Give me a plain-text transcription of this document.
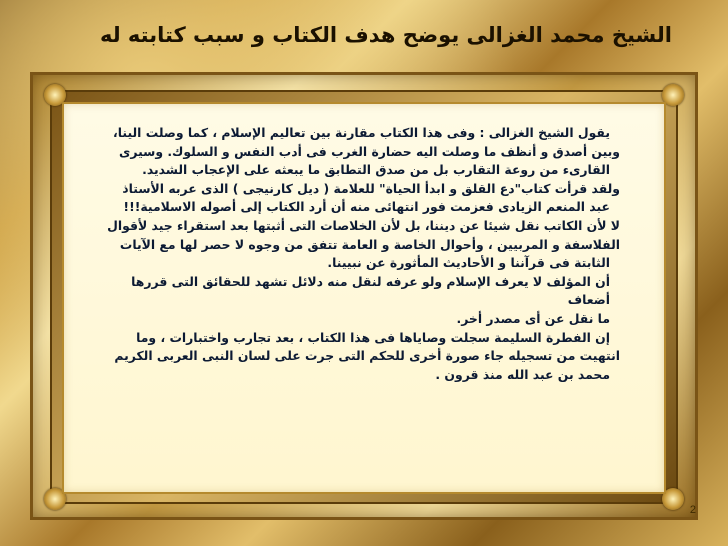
الشيخ محمد الغزالى يوضح هدف الكتاب و سبب كتابته له

يقول الشيخ الغزالى : وفى هذا الكتاب مقارنة بين تعاليم الإسلام ، كما وصلت الينا،

وبين أصدق و أنظف ما وصلت اليه حضارة الغرب فى أدب النفس و السلوك. وسيرى

القارىء من روعة التقارب بل من صدق التطابق ما يبعثه على الإعجاب الشديد.

ولقد قرأت كتاب"دع القلق و ابدأ الحياة" للعلامة ( ديل كارنيجى ) الذى عربه الأستاذ

عبد المنعم الزيادى فعزمت فور انتهائى منه أن أرد الكتاب إلى أصوله الاسلامية!!!

لا لأن الكاتب نقل شيئا عن ديننا، بل لأن الخلاصات التى أثبتها بعد استقراء جيد لأقوال

الفلاسفة و المربيين ، وأحوال الخاصة و العامة تتفق من وجوه لا حصر لها مع الآيات

الثابتة فى قرآننا و الأحاديث المأثورة عن نبيينا.

أن المؤلف لا يعرف الإسلام ولو عرفه لنقل منه دلائل تشهد للحقائق التى قررها

أضعاف

ما نقل عن أى مصدر أخر.

إن الفطرة السليمة سجلت وصاياها فى هذا الكتاب ، بعد تجارب واختبارات ، وما

انتهيت من تسجيله جاء صورة أخرى للحكم التى جرت على لسان النبى العربى الكريم

محمد بن عبد الله منذ قرون .

2
